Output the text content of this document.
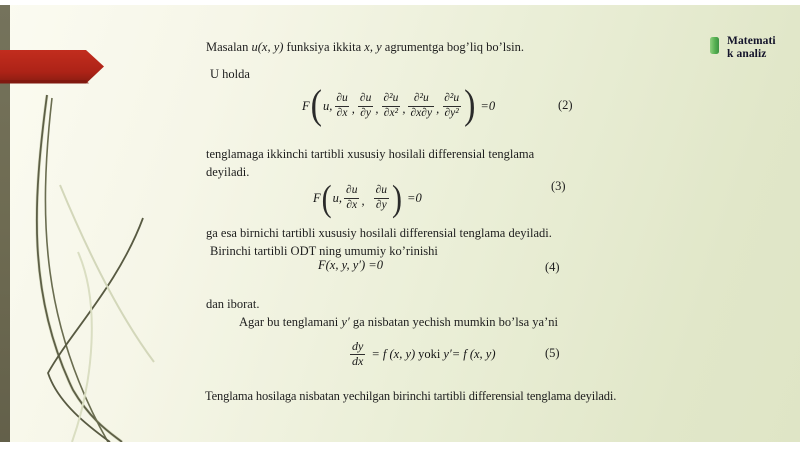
Matemati
k analiz
Masalan u(x, y) funksiya ikkita x, y agrumentga bog’liq bo’lsin.
U holda
F ( u, $\frac{\partial u}{\partial x}$ , $\frac{\partial u}{\partial y}$ , $\frac{\text{∂²u}}{\text{∂x²}}$ , $\frac{\text{∂²u}}{\partial x\partial y}$ , $\frac{\text{∂²u}}{\text{∂y²}}$ ) =0	(2)
tenglamaga ikkinchi tartibli xususiy hosilali differensial tenglama deyiladi.
F ( u, $\frac{\partial u}{\partial x}$ , $\frac{\partial u}{\partial y}$ ) =0
(3)
ga esa birnichi tartibli xususiy hosilali differensial tenglama deyiladi.
Birinchi tartibli ODT ning umumiy ko’rinishi
F(x, y, y′) =0	(4)
dan iborat.
Agar bu tenglamani y′ ga nisbatan yechish mumkin bo’lsa ya’ni
$\frac{dy}{dx} = f$ (x, y) yoki y′= f (x, y)	(5)
Tenglama hosilaga nisbatan yechilgan birinchi tartibli differensial tenglama deyiladi.
